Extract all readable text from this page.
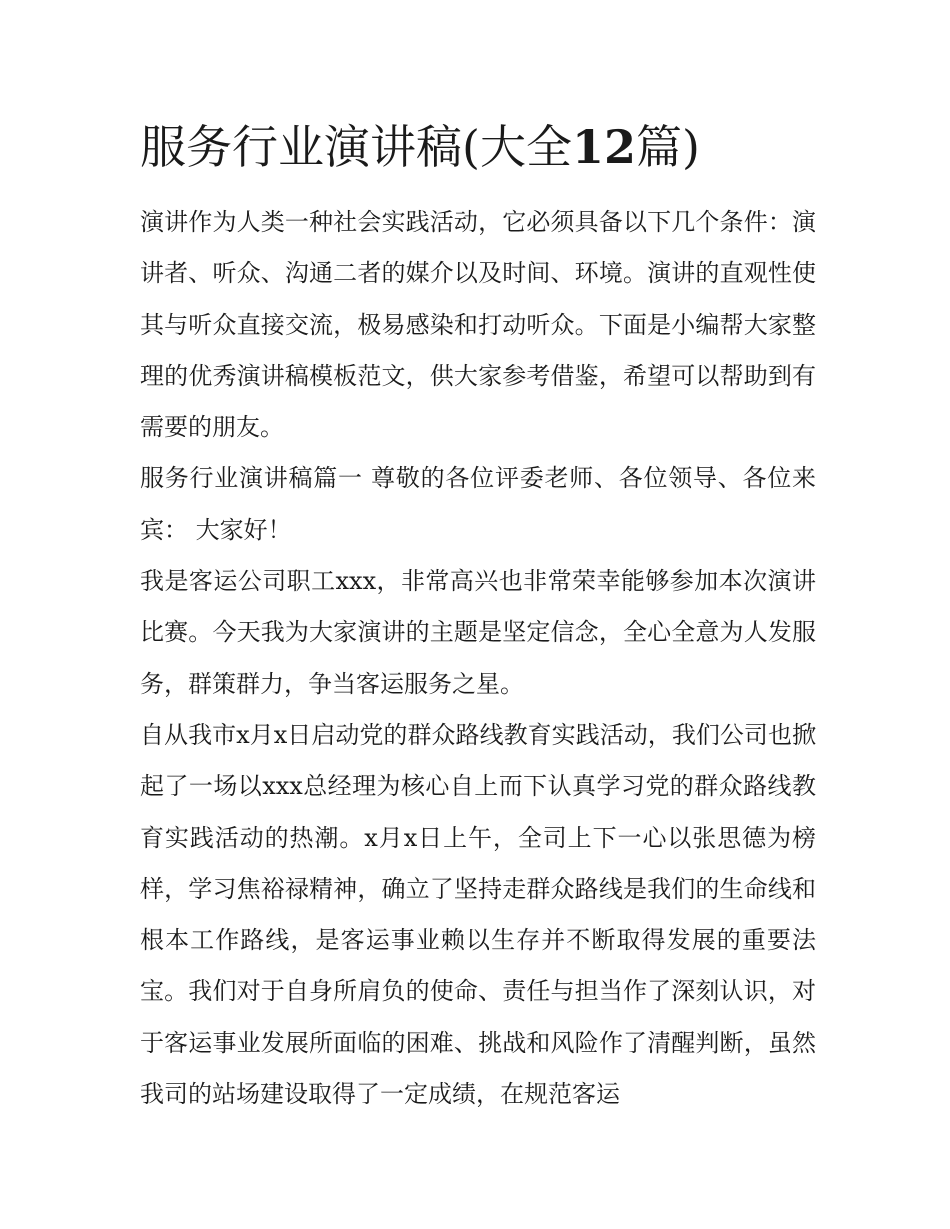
服务行业演讲稿(大全12篇)

演讲作为人类一种社会实践活动，它必须具备以下几个条件：演讲者、听众、沟通二者的媒介以及时间、环境。演讲的直观性使其与听众直接交流，极易感染和打动听众。下面是小编帮大家整理的优秀演讲稿模板范文，供大家参考借鉴，希望可以帮助到有需要的朋友。

服务行业演讲稿篇一 尊敬的各位评委老师、各位领导、各位来宾： 大家好！

我是客运公司职工xxx，非常高兴也非常荣幸能够参加本次演讲比赛。今天我为大家演讲的主题是坚定信念，全心全意为人发服务，群策群力，争当客运服务之星。

自从我市x月x日启动党的群众路线教育实践活动，我们公司也掀起了一场以xxx总经理为核心自上而下认真学习党的群众路线教育实践活动的热潮。x月x日上午，全司上下一心以张思德为榜样，学习焦裕禄精神，确立了坚持走群众路线是我们的生命线和根本工作路线，是客运事业赖以生存并不断取得发展的重要法宝。我们对于自身所肩负的使命、责任与担当作了深刻认识，对于客运事业发展所面临的困难、挑战和风险作了清醒判断，虽然我司的站场建设取得了一定成绩，在规范客运
